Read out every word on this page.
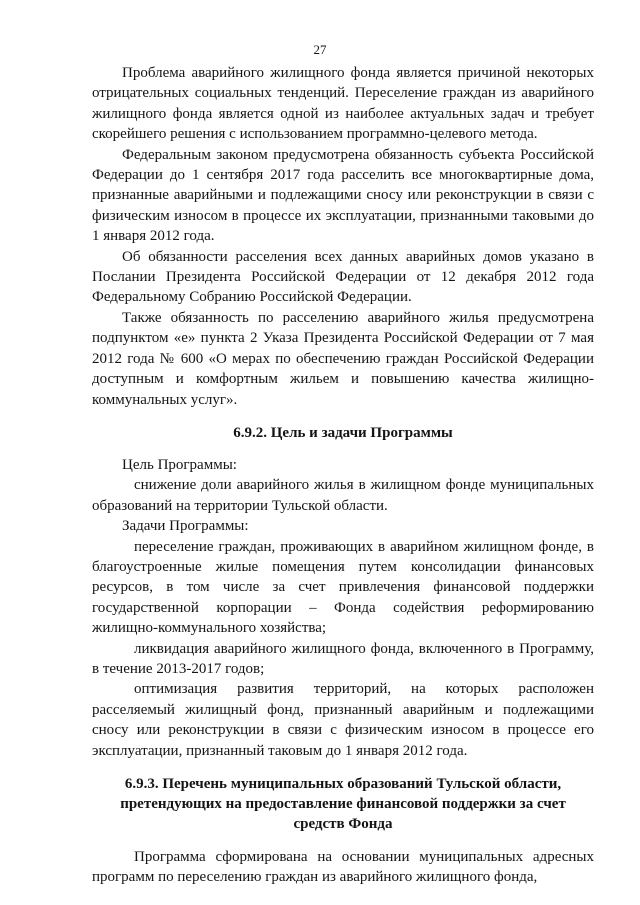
27

Проблема аварийного жилищного фонда является причиной некоторых отрицательных социальных тенденций. Переселение граждан из аварийного жилищного фонда является одной из наиболее актуальных задач и требует скорейшего решения с использованием программно-целевого метода.

Федеральным законом предусмотрена обязанность субъекта Российской Федерации до 1 сентября 2017 года расселить все многоквартирные дома, признанные аварийными и подлежащими сносу или реконструкции в связи с физическим износом в процессе их эксплуатации, признанными таковыми до 1 января 2012 года.

Об обязанности расселения всех данных аварийных домов указано в Послании Президента Российской Федерации от 12 декабря 2012 года Федеральному Собранию Российской Федерации.

Также обязанность по расселению аварийного жилья предусмотрена подпунктом «е» пункта 2 Указа Президента Российской Федерации от 7 мая 2012 года № 600 «О мерах по обеспечению граждан Российской Федерации доступным и комфортным жильем и повышению качества жилищно-коммунальных услуг».

6.9.2. Цель и задачи Программы

Цель Программы:

снижение доли аварийного жилья в жилищном фонде муниципальных образований на территории Тульской области.

Задачи Программы:

переселение граждан, проживающих в аварийном жилищном фонде, в благоустроенные жилые помещения путем консолидации финансовых ресурсов, в том числе за счет привлечения финансовой поддержки государственной корпорации – Фонда содействия реформированию жилищно-коммунального хозяйства;

ликвидация аварийного жилищного фонда, включенного в Программу, в течение 2013-2017 годов;

оптимизация развития территорий, на которых расположен расселяемый жилищный фонд, признанный аварийным и подлежащими сносу или реконструкции в связи с физическим износом в процессе его эксплуатации, признанный таковым до 1 января 2012 года.

6.9.3. Перечень муниципальных образований Тульской области, претендующих на предоставление финансовой поддержки за счет средств Фонда

Программа сформирована на основании муниципальных адресных программ по переселению граждан из аварийного жилищного фонда,
